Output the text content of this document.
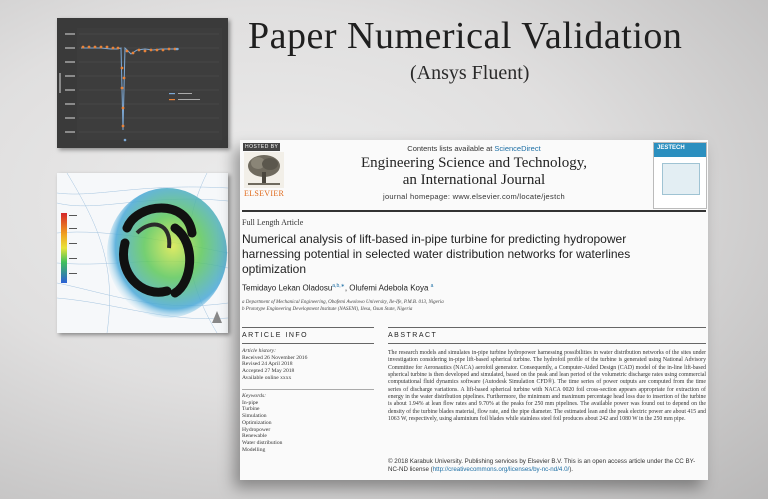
Paper Numerical Validation
(Ansys Fluent)
HOSTED BY
ELSEVIER
Contents lists available at ScienceDirect
Engineering Science and Technology,
an International Journal
journal homepage: www.elsevier.com/locate/jestch
JESTECH
Full Length Article
Numerical analysis of lift-based in-pipe turbine for predicting hydropower harnessing potential in selected water distribution networks for waterlines optimization
Temidayo Lekan Oladosu$^{a,b,∗}$, Olufemi Adebola Koya $^a$
a Department of Mechanical Engineering, Obafemi Awolowo University, Ile-Ife, P.M.B. 013, Nigeria
b Prototype Engineering Development Institute (NASENI), Ilesa, Osun State, Nigeria
ARTICLE INFO	ABSTRACT
Article history:
Received 26 November 2016
Revised 24 April 2018
Accepted 27 May 2018
Available online xxxx
Keywords:
In-pipe
Turbine
Simulation
Optimization
Hydropower
Renewable
Water distribution
Modelling
The research models and simulates in-pipe turbine hydropower harnessing possibilities in water distribution networks of the sites under investigation considering in-pipe lift-based spherical turbine. The hydrofoil profile of the turbine is generated using National Advisory Committee for Aeronautics (NACA) aerofoil generator. Consequently, a Computer-Aided Design (CAD) model of the in-line lift-based spherical turbine is then developed and simulated, based on the peak and lean period of the volumetric discharge rates using commercial computational fluid dynamics software (Autodesk Simulation CFD®). The time series of power outputs are computed from the time series of discharge variations. A lift-based spherical turbine with NACA 0020 foil cross-section appears appropriate for extraction of energy in the water distribution pipelines. Furthermore, the minimum and maximum percentage head loss due to insertion of the turbine is about 1.94% at lean flow rates and 9.70% at the peaks for 250 mm pipelines. The available power was found out to depend on the density of the turbine blades material, flow rate, and the pipe diameter. The estimated lean and the peak electric power are about 415 and 1063 W, respectively, using aluminium foil blades while stainless steel foil produces about 242 and 1080 W in the 250 mm pipe.
© 2018 Karabuk University. Publishing services by Elsevier B.V. This is an open access article under the CC BY-NC-ND license (http://creativecommons.org/licenses/by-nc-nd/4.0/).
